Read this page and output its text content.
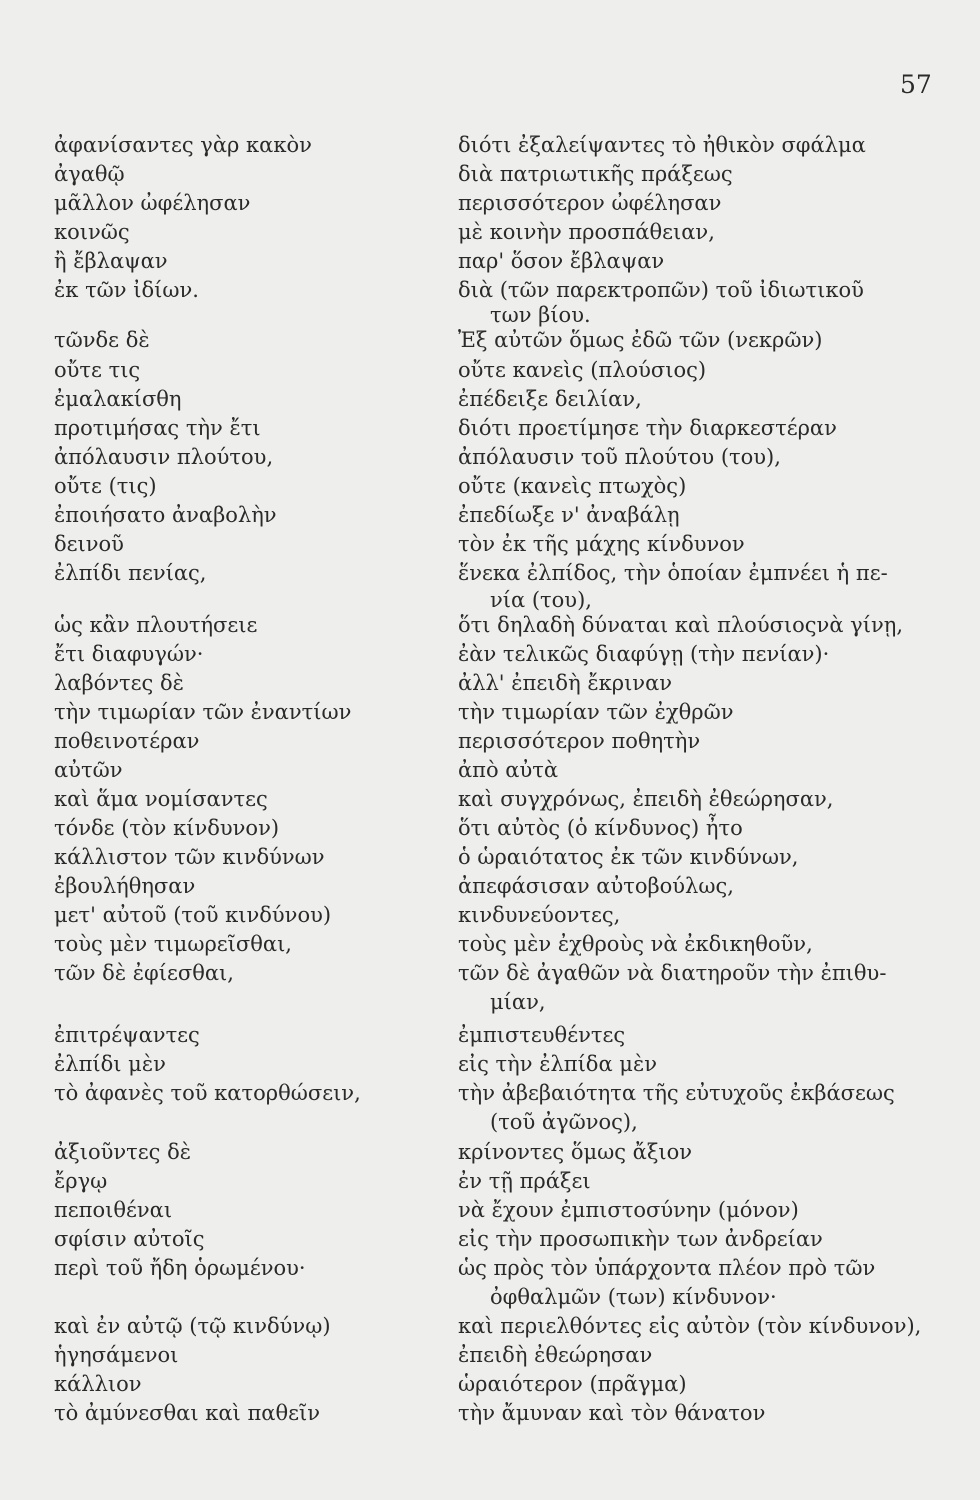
57
ἀφανίσαντες γὰρ κακὸν
ἀγαθῷ
μᾶλλον ὠφέλησαν
κοινῶς
ἢ ἔβλαψαν
ἐκ τῶν ἰδίων.
τῶνδε δὲ
οὔτε τις
ἐμαλακίσθη
προτιμήσας τὴν ἔτι
ἀπόλαυσιν πλούτου,
οὔτε (τις)
ἐποιήσατο ἀναβολὴν
δεινοῦ
ἐλπίδι πενίας,
ὡς κἂν πλουτήσειε
ἔτι διαφυγών·
λαβόντες δὲ
τὴν τιμωρίαν τῶν ἐναντίων
ποθεινοτέραν
αὐτῶν
καὶ ἅμα νομίσαντες
τόνδε (τὸν κίνδυνον)
κάλλιστον τῶν κινδύνων
ἐβουλήθησαν
μετ' αὐτοῦ (τοῦ κινδύνου)
τοὺς μὲν τιμωρεῖσθαι,
τῶν δὲ ἐφίεσθαι,
ἐπιτρέψαντες
ἐλπίδι μὲν
τὸ ἀφανὲς τοῦ κατορθώσειν,
ἀξιοῦντες δὲ
ἔργῳ
πεποιθέναι
σφίσιν αὐτοῖς
περὶ τοῦ ἤδη ὁρωμένου·
καὶ ἐν αὐτῷ (τῷ κινδύνῳ)
ἡγησάμενοι
κάλλιον
τὸ ἀμύνεσθαι καὶ παθεῖν
διότι ἐξαλείψαντες τὸ ἠθικὸν σφάλμα
διὰ πατριωτικῆς πράξεως
περισσότερον ὠφέλησαν
μὲ κοινὴν προσπάθειαν,
παρ' ὅσον ἔβλαψαν
διὰ (τῶν παρεκτροπῶν) τοῦ ἰδιωτικοῦ
των βίου.
Ἐξ αὐτῶν ὅμως ἐδῶ τῶν (νεκρῶν)
οὔτε κανεὶς (πλούσιος)
ἐπέδειξε δειλίαν,
διότι προετίμησε τὴν διαρκεστέραν
ἀπόλαυσιν τοῦ πλούτου (του),
οὔτε (κανεὶς πτωχὸς)
ἐπεδίωξε ν' ἀναβάλῃ
τὸν ἐκ τῆς μάχης κίνδυνον
ἕνεκα ἐλπίδος, τὴν ὁποίαν ἐμπνέει ἡ πε-
νία (του),
ὅτι δηλαδὴ δύναται καὶ πλούσιοςνὰ γίνῃ,
ἐὰν τελικῶς διαφύγῃ (τὴν πενίαν)·
ἀλλ' ἐπειδὴ ἔκριναν
τὴν τιμωρίαν τῶν ἐχθρῶν
περισσότερον ποθητὴν
ἀπὸ αὐτὰ
καὶ συγχρόνως, ἐπειδὴ ἐθεώρησαν,
ὅτι αὐτὸς (ὁ κίνδυνος) ἦτο
ὁ ὡραιότατος ἐκ τῶν κινδύνων,
ἀπεφάσισαν αὐτοβούλως,
κινδυνεύοντες,
τοὺς μὲν ἐχθροὺς νὰ ἐκδικηθοῦν,
τῶν δὲ ἀγαθῶν νὰ διατηροῦν τὴν ἐπιθυ-
μίαν,
ἐμπιστευθέντες
εἰς τὴν ἐλπίδα μὲν
τὴν ἀβεβαιότητα τῆς εὐτυχοῦς ἐκβάσεως
(τοῦ ἀγῶνος),
κρίνοντες ὅμως ἄξιον
ἐν τῇ πράξει
νὰ ἔχουν ἐμπιστοσύνην (μόνον)
εἰς τὴν προσωπικὴν των ἀνδρείαν
ὡς πρὸς τὸν ὑπάρχοντα πλέον πρὸ τῶν
ὀφθαλμῶν (των) κίνδυνον·
καὶ περιελθόντες εἰς αὐτὸν (τὸν κίνδυνον),
ἐπειδὴ ἐθεώρησαν
ὡραιότερον (πρᾶγμα)
τὴν ἄμυναν καὶ τὸν θάνατον
